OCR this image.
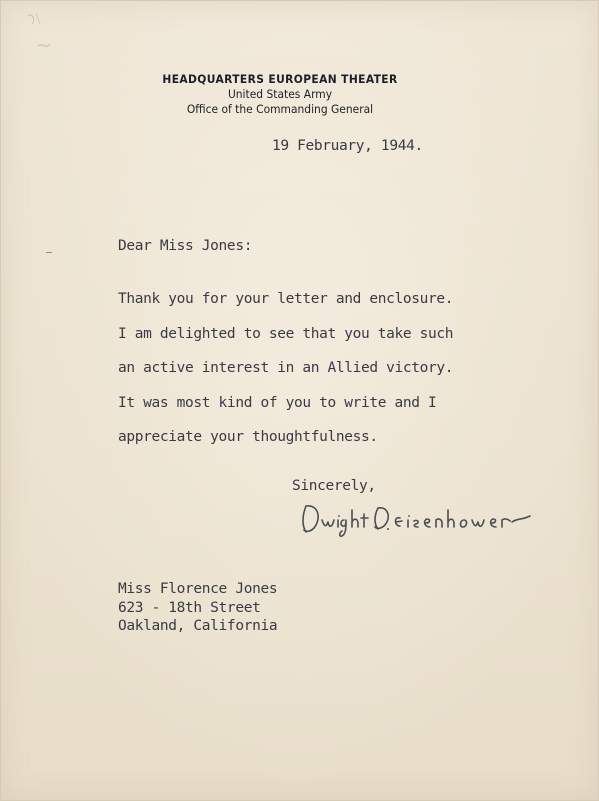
HEADQUARTERS EUROPEAN THEATER
United States Army
Office of the Commanding General
19 February, 1944.
Dear Miss Jones:
Thank you for your letter and enclosure.
I am delighted to see that you take such
an active interest in an Allied victory.
It was most kind of you to write and I
appreciate your thoughtfulness.
Sincerely,
Miss Florence Jones
623 - 18th Street
Oakland, California
